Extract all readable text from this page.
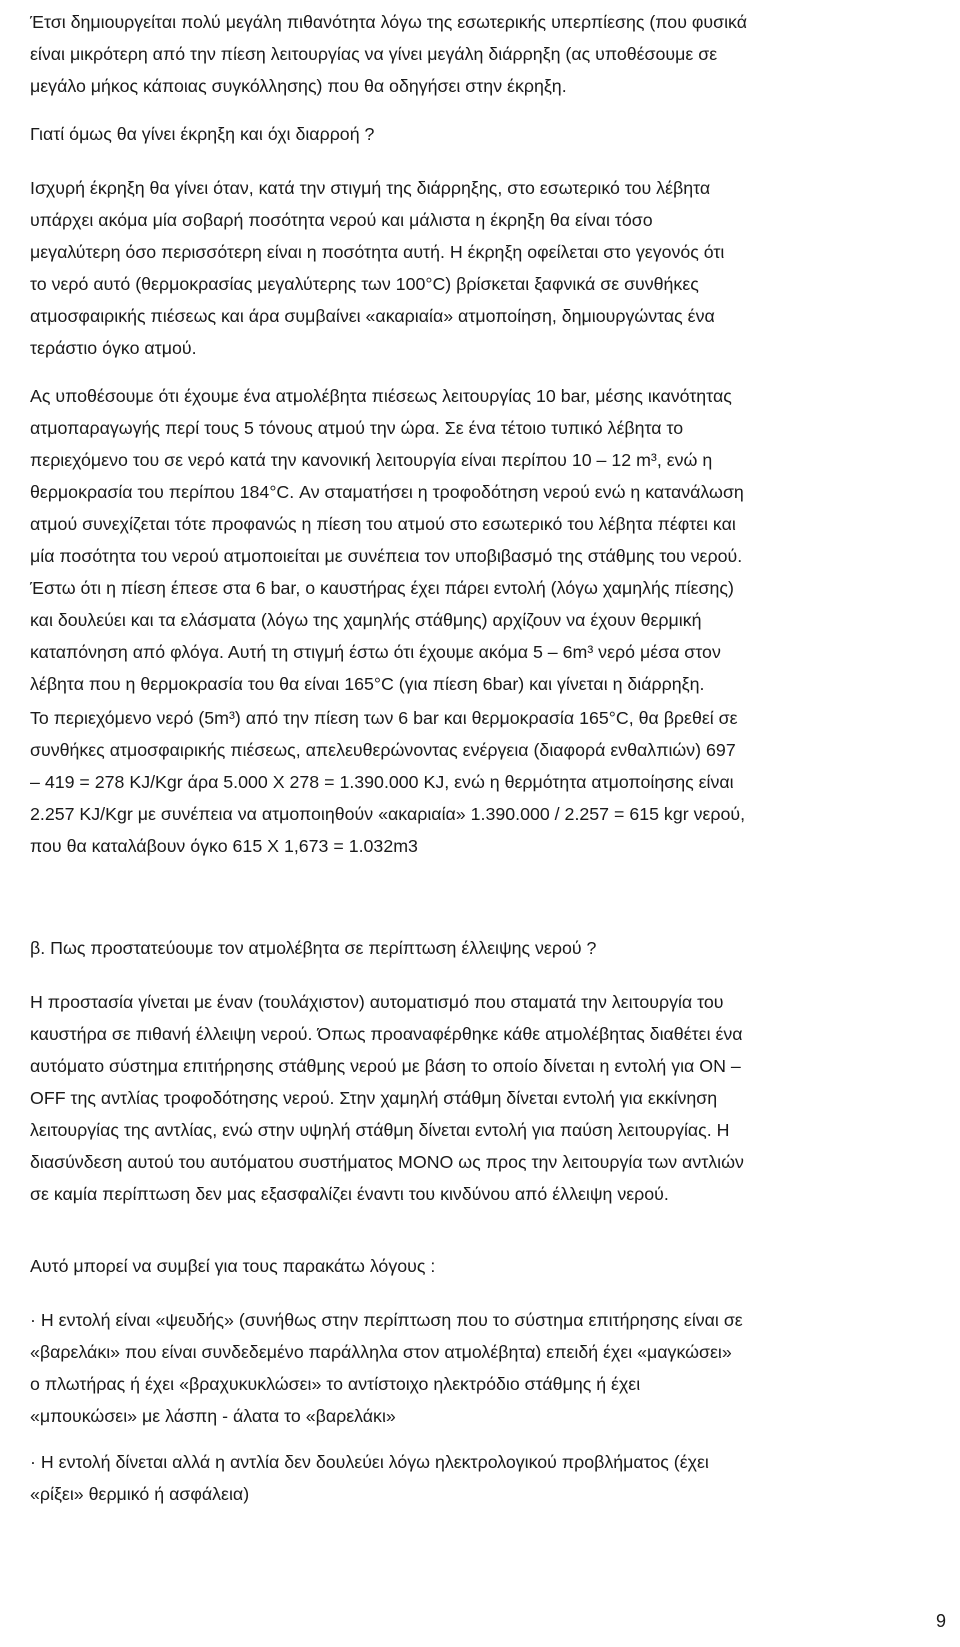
Έτσι δημιουργείται πολύ μεγάλη πιθανότητα λόγω της εσωτερικής υπερπίεσης (που φυσικά
είναι μικρότερη από την πίεση λειτουργίας να γίνει μεγάλη διάρρηξη (ας υποθέσουμε σε
μεγάλο μήκος κάποιας συγκόλλησης) που θα οδηγήσει στην έκρηξη.

Γιατί όμως θα γίνει έκρηξη και όχι διαρροή ?

Ισχυρή έκρηξη θα γίνει όταν, κατά την στιγμή της διάρρηξης, στο εσωτερικό του λέβητα
υπάρχει ακόμα μία σοβαρή ποσότητα νερού και μάλιστα η έκρηξη θα είναι τόσο
μεγαλύτερη όσο περισσότερη είναι η ποσότητα αυτή. Η έκρηξη οφείλεται στο γεγονός ότι
το νερό αυτό (θερμοκρασίας μεγαλύτερης των 100°C) βρίσκεται ξαφνικά σε συνθήκες
ατμοσφαιρικής πιέσεως και άρα συμβαίνει «ακαριαία» ατμοποίηση, δημιουργώντας ένα
τεράστιο όγκο ατμού.

Ας υποθέσουμε ότι έχουμε ένα ατμολέβητα πιέσεως λειτουργίας 10 bar, μέσης ικανότητας
ατμοπαραγωγής περί τους 5 τόνους ατμού την ώρα. Σε ένα τέτοιο τυπικό λέβητα το
περιεχόμενο του σε νερό κατά την κανονική λειτουργία είναι περίπου 10 – 12 m³, ενώ η
θερμοκρασία του περίπου 184°C. Αν σταματήσει η τροφοδότηση νερού ενώ η κατανάλωση
ατμού συνεχίζεται τότε προφανώς η πίεση του ατμού στο εσωτερικό του λέβητα πέφτει και
μία ποσότητα του νερού ατμοποιείται με συνέπεια τον υποβιβασμό της στάθμης του νερού.
Έστω ότι η πίεση έπεσε στα 6 bar, ο καυστήρας έχει πάρει εντολή (λόγω χαμηλής πίεσης)
και δουλεύει και τα ελάσματα (λόγω της χαμηλής στάθμης) αρχίζουν να έχουν θερμική
καταπόνηση από φλόγα. Αυτή τη στιγμή έστω ότι έχουμε ακόμα 5 – 6m³ νερό μέσα στον
λέβητα που η θερμοκρασία του θα είναι 165°C (για πίεση 6bar) και γίνεται η διάρρηξη.

Το περιεχόμενο νερό (5m³) από την πίεση των 6 bar και θερμοκρασία 165°C, θα βρεθεί σε
συνθήκες ατμοσφαιρικής πιέσεως, απελευθερώνοντας ενέργεια (διαφορά ενθαλπιών) 697
– 419 = 278 KJ/Kgr άρα 5.000 Χ 278 = 1.390.000 KJ, ενώ η θερμότητα ατμοποίησης είναι
2.257 KJ/Kgr με συνέπεια να ατμοποιηθούν «ακαριαία» 1.390.000 / 2.257 = 615 kgr νερού,
που θα καταλάβουν όγκο 615 Χ 1,673 = 1.032m3

β. Πως προστατεύουμε τον ατμολέβητα σε περίπτωση έλλειψης νερού ?

Η προστασία γίνεται με έναν (τουλάχιστον) αυτοματισμό που σταματά την λειτουργία του
καυστήρα σε πιθανή έλλειψη νερού. Όπως προαναφέρθηκε κάθε ατμολέβητας διαθέτει ένα
αυτόματο σύστημα επιτήρησης στάθμης νερού με βάση το οποίο δίνεται η εντολή για ON –
OFF της αντλίας τροφοδότησης νερού. Στην χαμηλή στάθμη δίνεται εντολή για εκκίνηση
λειτουργίας της αντλίας, ενώ στην υψηλή στάθμη δίνεται εντολή για παύση λειτουργίας. Η
διασύνδεση αυτού του αυτόματου συστήματος ΜΟΝΟ ως προς την λειτουργία των αντλιών
σε καμία περίπτωση δεν μας εξασφαλίζει έναντι του κινδύνου από έλλειψη νερού.

Αυτό μπορεί να συμβεί για τους παρακάτω λόγους :

· Η εντολή είναι «ψευδής» (συνήθως στην περίπτωση που το σύστημα επιτήρησης είναι σε
«βαρελάκι» που είναι συνδεδεμένο παράλληλα στον ατμολέβητα) επειδή έχει «μαγκώσει»
ο πλωτήρας ή έχει «βραχυκυκλώσει» το αντίστοιχο ηλεκτρόδιο στάθμης ή έχει
«μπουκώσει» με λάσπη - άλατα το «βαρελάκι»

· Η εντολή δίνεται αλλά η αντλία δεν δουλεύει λόγω ηλεκτρολογικού προβλήματος (έχει
«ρίξει» θερμικό ή ασφάλεια)

9
